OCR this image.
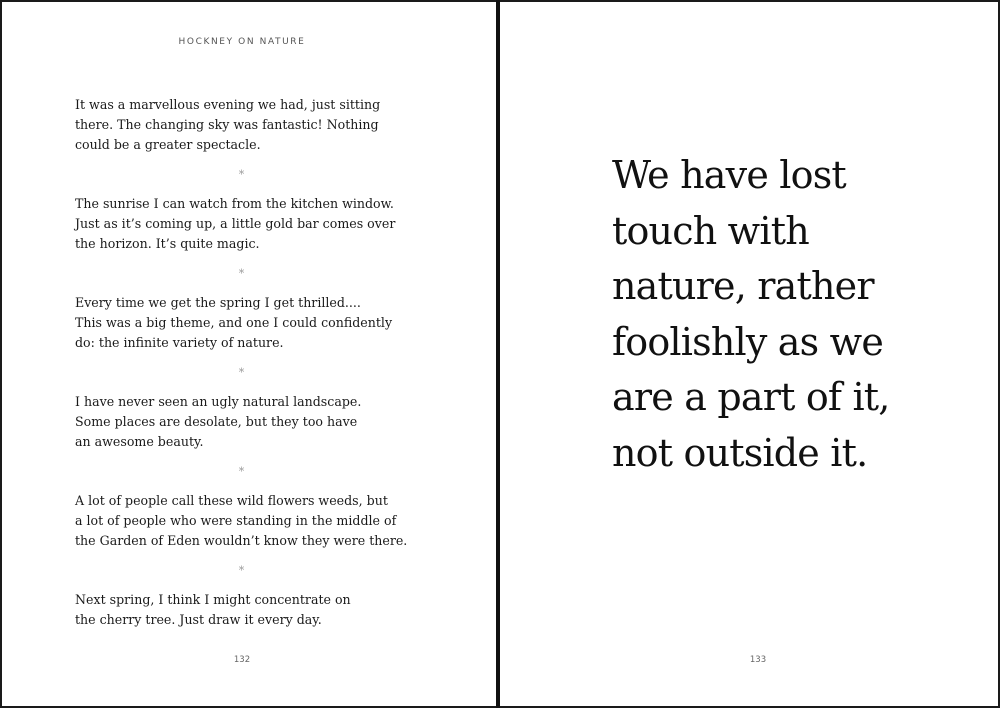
HOCKNEY ON NATURE
It was a marvellous evening we had, just sitting
there. The changing sky was fantastic! Nothing
could be a greater spectacle.
*
The sunrise I can watch from the kitchen window.
Just as it’s coming up, a little gold bar comes over
the horizon. It’s quite magic.
*
Every time we get the spring I get thrilled....
This was a big theme, and one I could confidently
do: the infinite variety of nature.
*
I have never seen an ugly natural landscape.
Some places are desolate, but they too have
an awesome beauty.
*
A lot of people call these wild flowers weeds, but
a lot of people who were standing in the middle of
the Garden of Eden wouldn’t know they were there.
*
Next spring, I think I might concentrate on
the cherry tree. Just draw it every day.
132
We have lost
touch with
nature, rather
foolishly as we
are a part of it,
not outside it.
133
